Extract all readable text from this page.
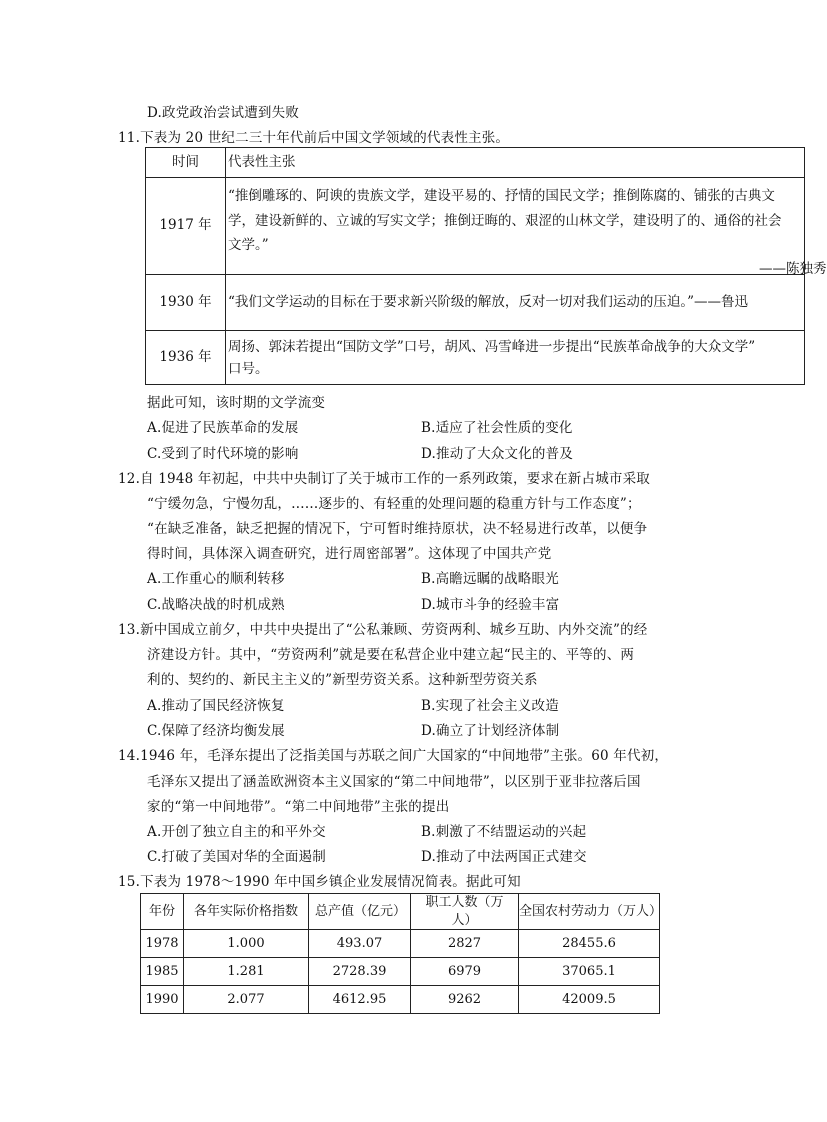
D.政党政治尝试遭到失败
11.下表为 20 世纪二三十年代前后中国文学领域的代表性主张。
时间	代表性主张
1917 年	“推倒雕琢的、阿谀的贵族文学，建设平易的、抒情的国民文学；推倒陈腐的、铺张的古典文
学，建设新鲜的、立诚的写实文学；推倒迂晦的、艰涩的山林文学，建设明了的、通俗的社会
文学。”
——陈独秀

1930 年	“我们文学运动的目标在于要求新兴阶级的解放，反对一切对我们运动的压迫。”——鲁迅

1936 年	周扬、郭沫若提出“国防文学”口号，胡风、冯雪峰进一步提出“民族革命战争的大众文学”
口号。
据此可知，该时期的文学流变
A.促进了民族革命的发展	B.适应了社会性质的变化
C.受到了时代环境的影响	D.推动了大众文化的普及
12.自 1948 年初起，中共中央制订了关于城市工作的一系列政策，要求在新占城市采取
“宁缓勿急，宁慢勿乱，……逐步的、有轻重的处理问题的稳重方针与工作态度”；
“在缺乏准备，缺乏把握的情况下，宁可暂时维持原状，决不轻易进行改革，以便争
得时间，具体深入调查研究，进行周密部署”。这体现了中国共产党
A.工作重心的顺利转移	B.高瞻远瞩的战略眼光
C.战略决战的时机成熟	D.城市斗争的经验丰富
13.新中国成立前夕，中共中央提出了“公私兼顾、劳资两利、城乡互助、内外交流”的经
济建设方针。其中，“劳资两利”就是要在私营企业中建立起“民主的、平等的、两
利的、契约的、新民主主义的”新型劳资关系。这种新型劳资关系
A.推动了国民经济恢复	B.实现了社会主义改造
C.保障了经济均衡发展	D.确立了计划经济体制
14.1946 年，毛泽东提出了泛指美国与苏联之间广大国家的“中间地带”主张。60 年代初，
毛泽东又提出了涵盖欧洲资本主义国家的“第二中间地带”，以区别于亚非拉落后国
家的“第一中间地带”。“第二中间地带”主张的提出
A.开创了独立自主的和平外交	B.刺激了不结盟运动的兴起
C.打破了美国对华的全面遏制	D.推动了中法两国正式建交
15.下表为 1978～1990 年中国乡镇企业发展情况简表。据此可知
年份	各年实际价格指数	总产值（亿元）	职工人数（万人）	全国农村劳动力（万人）
1978	1.000	493.07	2827	28455.6
1985	1.281	2728.39	6979	37065.1
1990	2.077	4612.95	9262	42009.5
